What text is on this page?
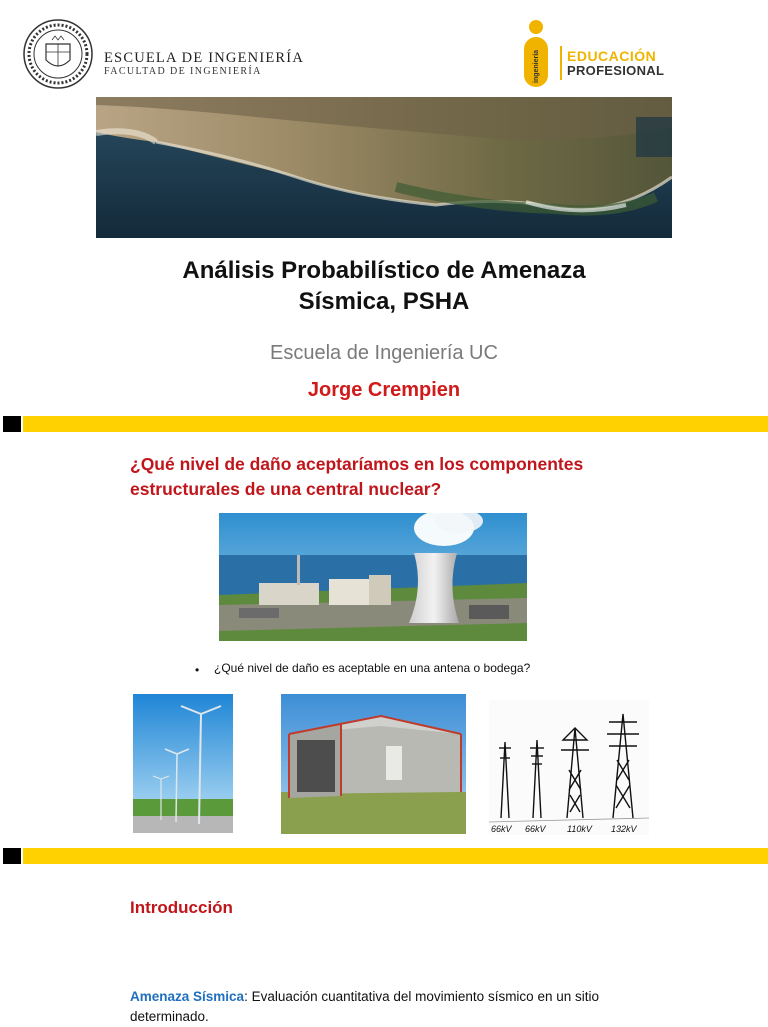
ESCUELA DE INGENIERÍA
FACULTAD DE INGENIERÍA	ingeniería EDUCACIÓN
PROFESIONAL
Análisis Probabilístico de Amenaza
Sísmica, PSHA
Escuela de Ingeniería UC
Jorge Crempien
¿Qué nivel de daño aceptaríamos en los componentes
estructurales de una central nuclear?
• ¿Qué nivel de daño es aceptable en una antena o bodega?
66kV 66kV 110kV 132kV
Introducción
Amenaza Sísmica: Evaluación cuantitativa del movimiento sísmico en un sitio
determinado.
